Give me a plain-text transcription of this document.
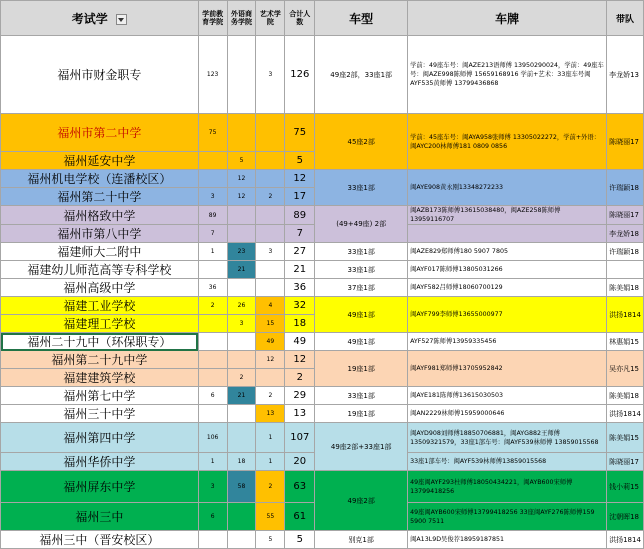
考试学	学前教育学院	外语商务学院	艺术学院	合计人数	车型	车牌	带队
福州市财金职专	123		3	126	49座2部，33座1部	学前：49座车号：闽AZE213语师傅 13950290024，学前：49座车号：闽AZE998陈师傅 15659168916 学前+艺术：33座车号闽AYF535黄师傅 13799436868	李龙娇13
福州市第二中学	75			75	45座2部	学前：45座车号：闽AYA958张师傅 13305022272，学前+外语：闽AYC200林师傅181 0809 0856	陈晓丽17
福州延安中学		5		5			
福州机电学校（连潘校区）		12		12	33座1部	闽AYE908黄永刚13348272233	许瑞颖18
福州第二十中学	3	12	2	17			
福州格致中学	89			89	(49+49座) 2部	闽AZB173陈师傅13615038480，闽AZE258陈师傅13959116707	陈晓丽17
福州市第八中学	7			7			李龙娇18
福建师大二附中	1	23	3	27	33座1部	闽AZE829郑师傅180 5907 7805	许瑞颖18
福建幼儿师范高等专科学校		21		21	33座1部	闽AYF017陈师傅13805031266	
福州高级中学	36			36	37座1部	闽AYF582吕师傅18060700129	陈美娟18
福建工业学校	2	26	4	32	49座1部	闽AYF799李师傅13655000977	洪扬1814
福建理工学校		3	15	18			
福州二十九中（环保职专）			49	49	49座1部	AYF527陈师傅13959335456	林惠娟15
福州第二十九中学			12	12	19座1部	闽AYF981郑师傅13705952842	吴亦凡15
福建建筑学校		2		2			
福州第七中学	6	21	2	29	33座1部	闽AYE181陈师傅13615030503	陈美娟18
福州三十中学			13	13	19座1部	闽AN2229林师傅15959000646	洪扬1814
福州第四中学	106		1	107	49座2部+33座1部	闽AYD908刘师傅18850706881，闽AYG882王师傅 13509321579，33座1部车号：闽AYF539林师傅 13859015568	陈美娟15
福州华侨中学	1	18	1	20		33座1部车号：闽AYF539林师傅13859015568	陈晓丽17
福州屏东中学	3	58	2	63	49座2部	49座闽AYF293杜师傅18050434221，闽AYB600宋师傅13799418256	钱小莉15
福州三中	6		55	61		49座闽AYB600宋师傅13799418256 33座闽AYF276陈师傅159 5900 7511	沈朝晖18
福州三中（晋安校区）			5	5	别克1部	闽A13L9D吴俊荐18959187851	洪扬1814
